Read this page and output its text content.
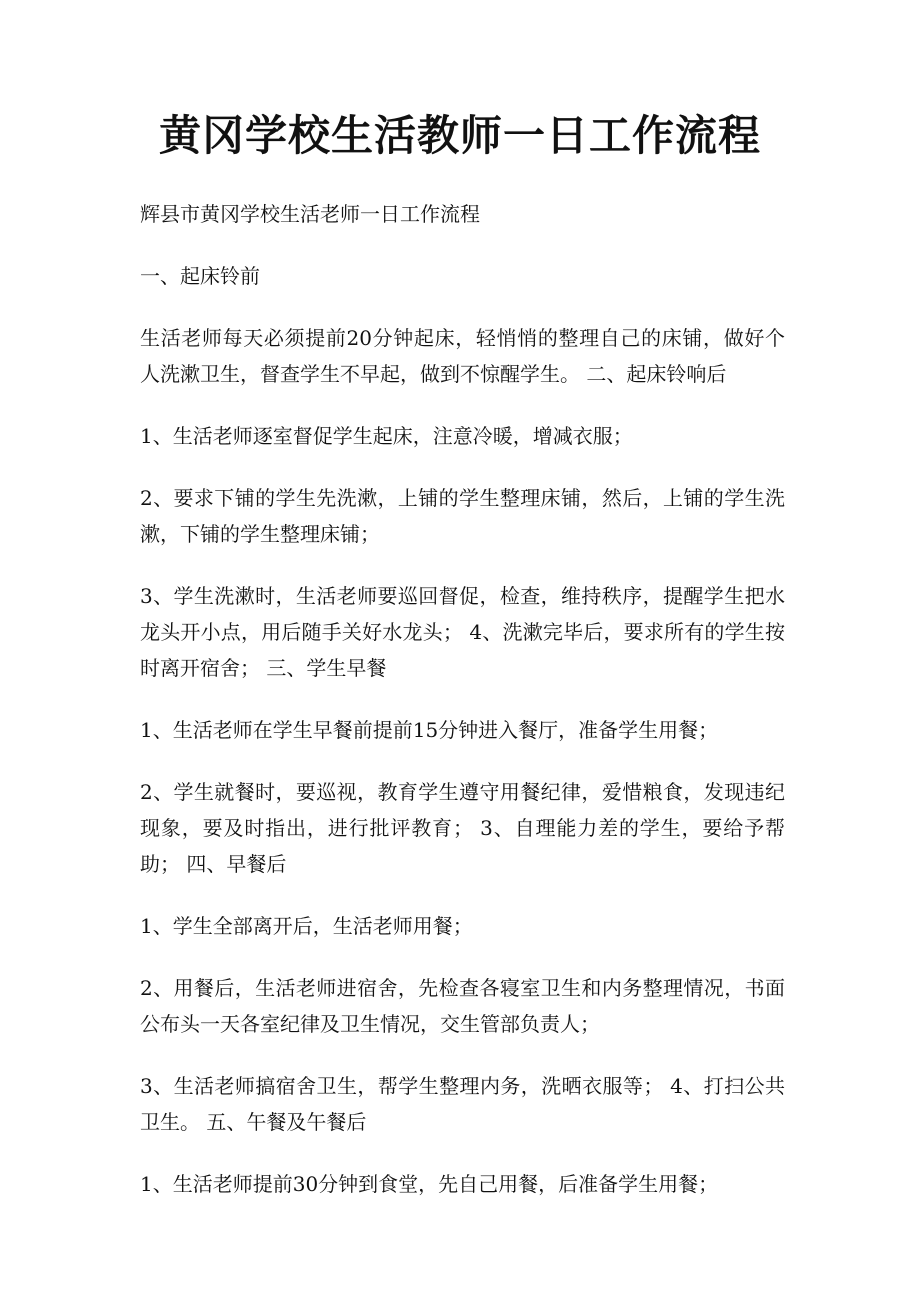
黄冈学校生活教师一日工作流程

辉县市黄冈学校生活老师一日工作流程

一、起床铃前

生活老师每天必须提前20分钟起床，轻悄悄的整理自己的床铺，做好个人洗漱卫生，督查学生不早起，做到不惊醒学生。 二、起床铃响后

1、生活老师逐室督促学生起床，注意冷暖，增减衣服；

2、要求下铺的学生先洗漱，上铺的学生整理床铺，然后，上铺的学生洗漱，下铺的学生整理床铺；

3、学生洗漱时，生活老师要巡回督促，检查，维持秩序，提醒学生把水龙头开小点，用后随手关好水龙头； 4、洗漱完毕后，要求所有的学生按时离开宿舍； 三、学生早餐

1、生活老师在学生早餐前提前15分钟进入餐厅，准备学生用餐；

2、学生就餐时，要巡视，教育学生遵守用餐纪律，爱惜粮食，发现违纪现象，要及时指出，进行批评教育； 3、自理能力差的学生，要给予帮助； 四、早餐后

1、学生全部离开后，生活老师用餐；

2、用餐后，生活老师进宿舍，先检查各寝室卫生和内务整理情况，书面公布头一天各室纪律及卫生情况，交生管部负责人；

3、生活老师搞宿舍卫生，帮学生整理内务，洗晒衣服等； 4、打扫公共卫生。 五、午餐及午餐后

1、生活老师提前30分钟到食堂，先自己用餐，后准备学生用餐；
